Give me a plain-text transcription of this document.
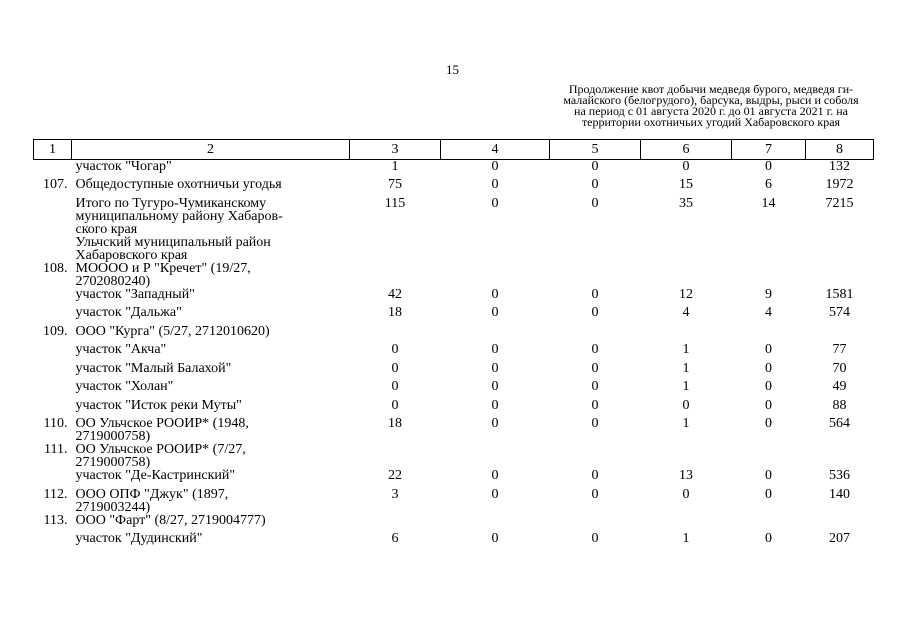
15
Продолжение квот добычи медведя бурого, медведя ги-
малайского (белогрудого), барсука, выдры, рыси и соболя
на период с 01 августа 2020 г. до 01 августа 2021 г. на
территории охотничьих угодий Хабаровского края
1	2	3	4	5	6	7	8

	участок "Чогар"	1	0	0	0	0	132
107.	Общедоступные охотничьи угодья	75	0	0	15	6	1972

	Итого по Тугуро-Чумиканскому
муниципальному району Хабаров-
ского края	115	0	0	35	14	7215

	Ульчский муниципальный район
Хабаровского края						

108.	МОООО и Р "Кречет" (19/27,
2702080240)						

	участок "Западный"	42	0	0	12	9	1581

	участок "Дальжа"	18	0	0	4	4	574
109.	ООО "Курга" (5/27, 2712010620)						

	участок "Акча"	0	0	0	1	0	77

	участок "Малый Балахой"	0	0	0	1	0	70

	участок "Холан"	0	0	0	1	0	49

	участок "Исток реки Муты"	0	0	0	0	0	88
110.	ОО Ульчское РООИР* (1948,
2719000758)	18	0	0	1	0	564
111.	ОО Ульчское РООИР* (7/27,
2719000758)						

	участок "Де-Кастринский"	22	0	0	13	0	536
112.	ООО ОПФ "Джук" (1897,
2719003244)	3	0	0	0	0	140
113.	ООО "Фарт" (8/27, 2719004777)						

	участок "Дудинский"	6	0	0	1	0	207
